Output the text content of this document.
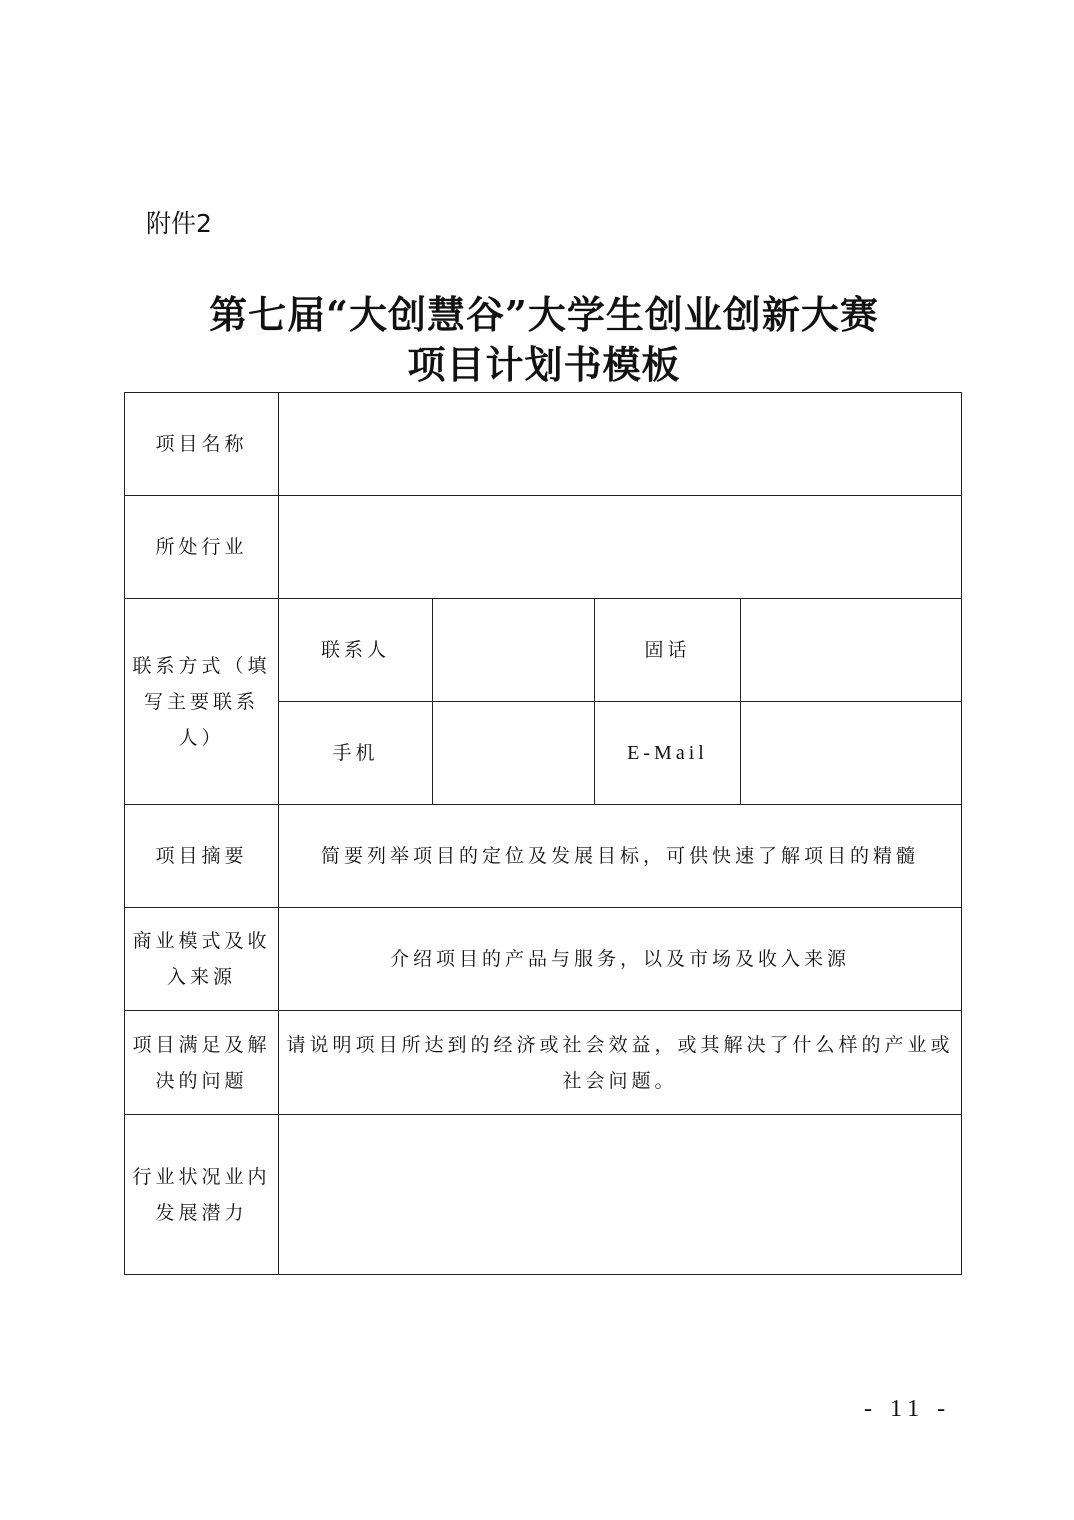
附件2
第七届“大创慧谷”大学生创业创新大赛
项目计划书模板
项目名称				
所处行业				
联系方式（填写主要联系人）	联系人		固话	
	手机		E-Mail	
项目摘要	简要列举项目的定位及发展目标，可供快速了解项目的精髓			
商业模式及收入来源	介绍项目的产品与服务，以及市场及收入来源			
项目满足及解决的问题	请说明项目所达到的经济或社会效益，或其解决了什么样的产业或社会问题。			
行业状况业内发展潜力				
- 11 -
